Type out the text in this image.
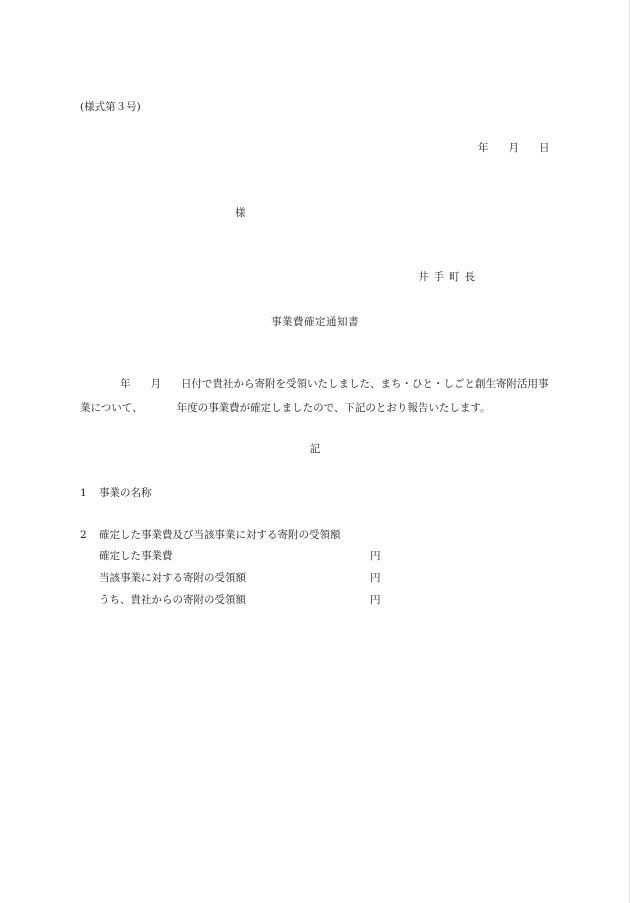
(様式第３号)
年 月 日
様
井手町長
事業費確定通知書
年 月 日付で貴社から寄附を受領いたしました、まち・ひと・しごと創生寄附活用事
業について、	年度の事業費が確定しましたので、下記のとおり報告いたします。
記
1 事業の名称
2 確定した事業費及び当該事業に対する寄附の受領額
確定した事業費	円
当該事業に対する寄附の受領額	円
うち、貴社からの寄附の受領額	円
